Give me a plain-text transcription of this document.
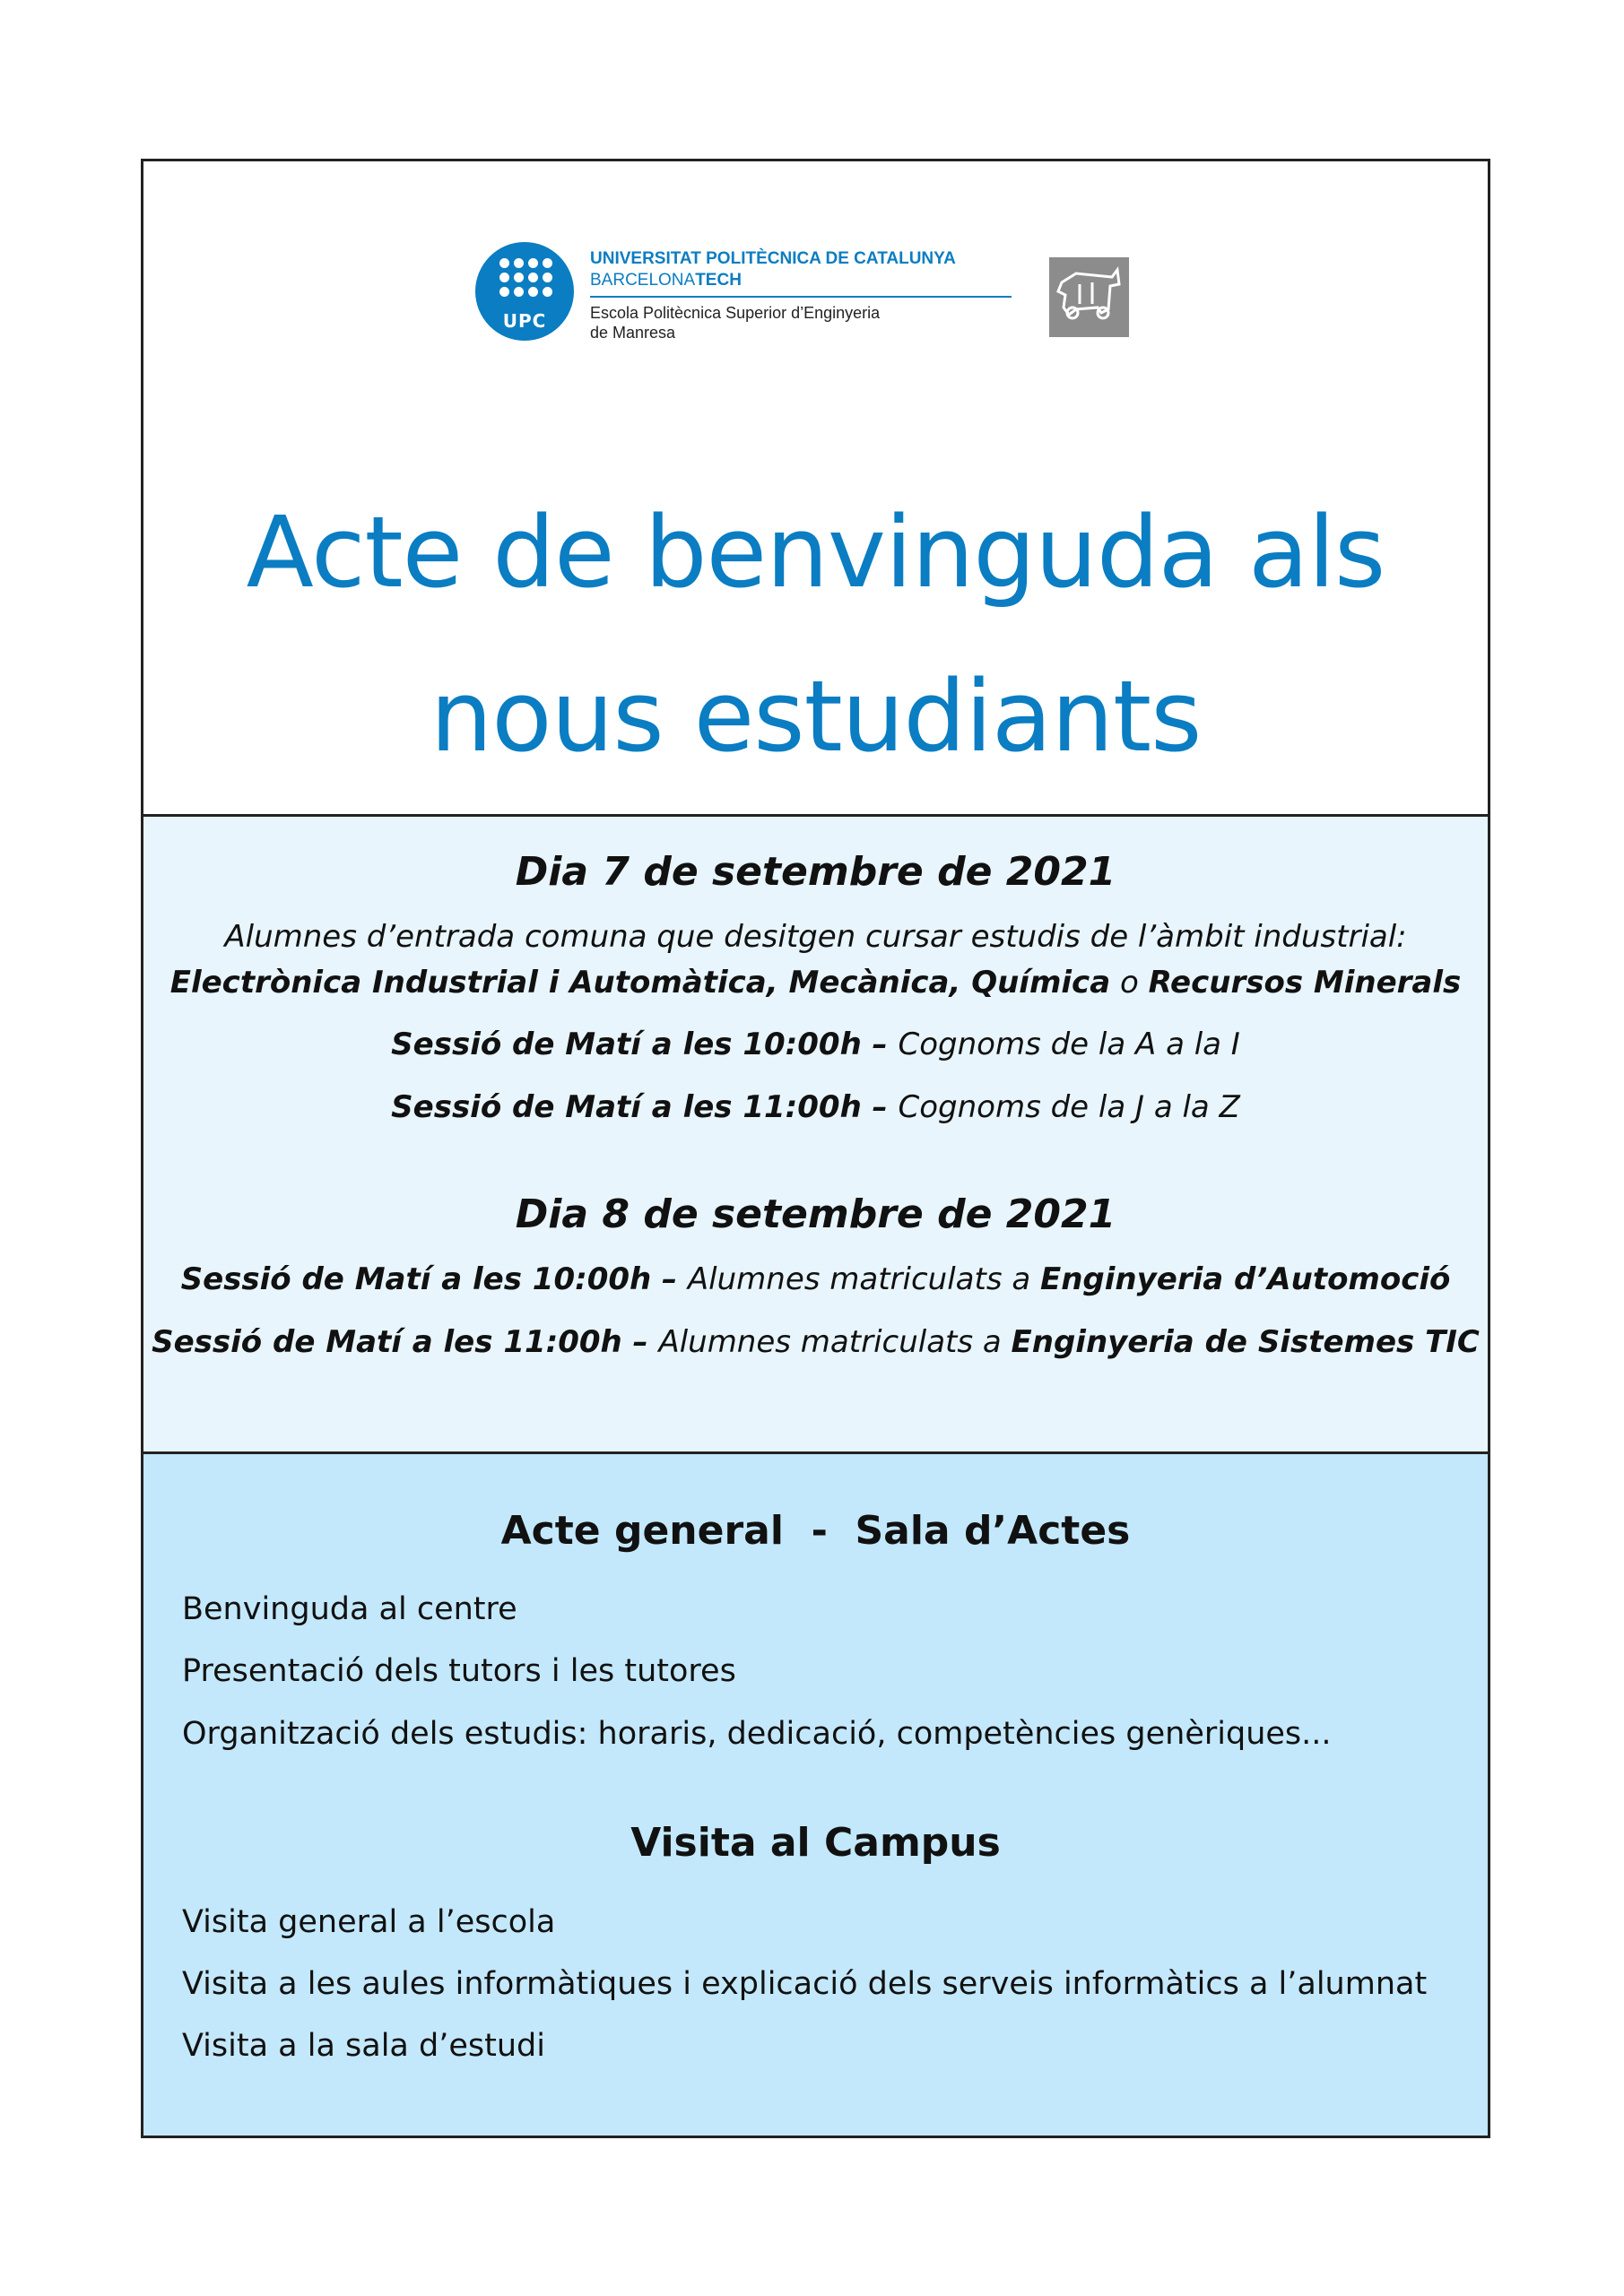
UPC
UNIVERSITAT POLITÈCNICA DE CATALUNYA
BARCELONATECH
Escola Politècnica Superior d’Enginyeria
de Manresa
Acte de benvinguda als
nous estudiants
Dia 7 de setembre de 2021
Alumnes d’entrada comuna que desitgen cursar estudis de l’àmbit industrial:
Electrònica Industrial i Automàtica, Mecànica, Química o Recursos Minerals
Sessió de Matí a les 10:00h – Cognoms de la A a la I
Sessió de Matí a les 11:00h – Cognoms de la J a la Z
Dia 8 de setembre de 2021
Sessió de Matí a les 10:00h – Alumnes matriculats a Enginyeria d’Automoció
Sessió de Matí a les 11:00h – Alumnes matriculats a Enginyeria de Sistemes TIC
Acte general  -  Sala d’Actes
Benvinguda al centre
Presentació dels tutors i les tutores
Organització dels estudis: horaris, dedicació, competències genèriques...
Visita al Campus
Visita general a l’escola
Visita a les aules informàtiques i explicació dels serveis informàtics a l’alumnat
Visita a la sala d’estudi
